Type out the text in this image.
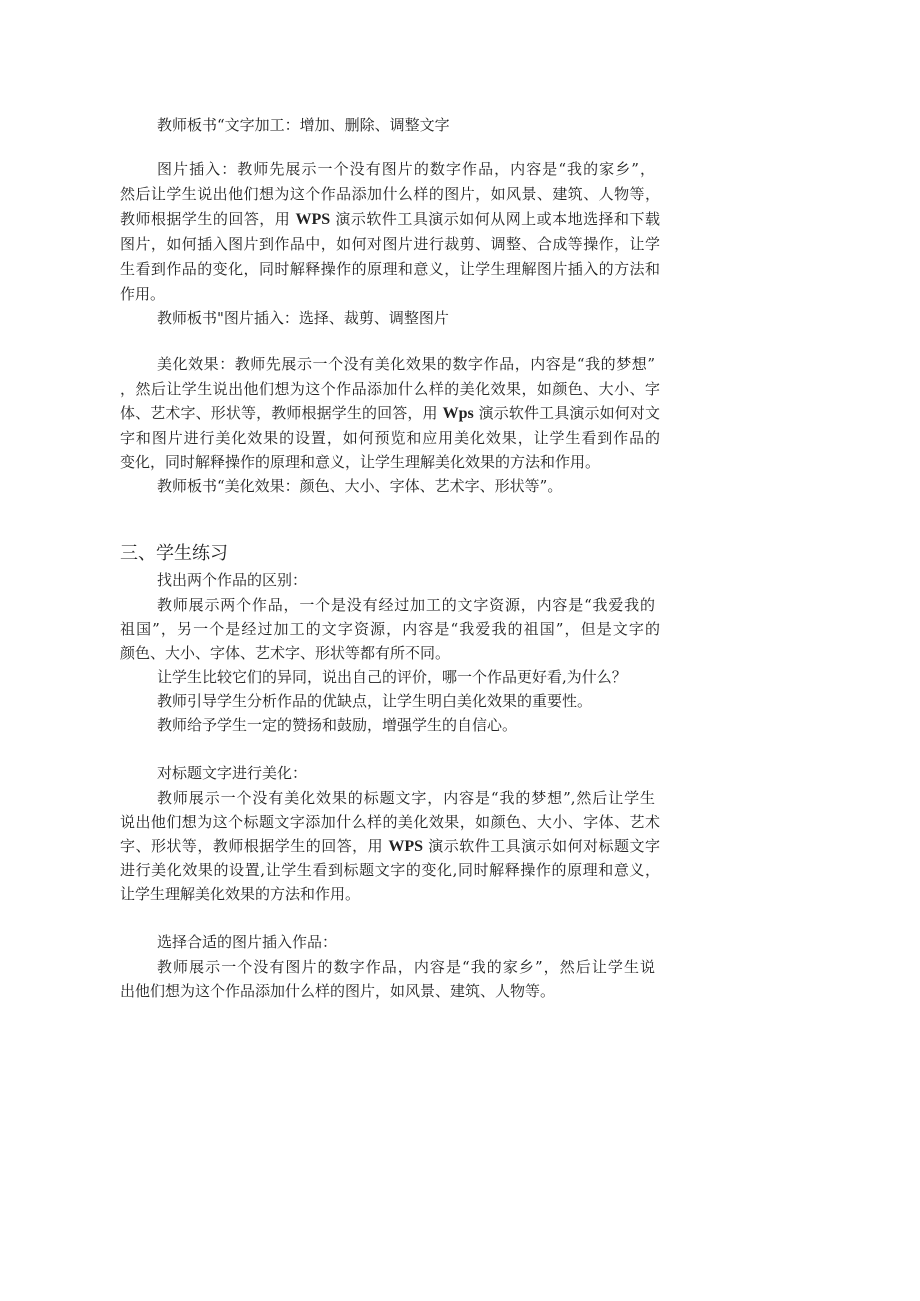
教师板书“文字加工：增加、删除、调整文字
图片插入：教师先展示一个没有图片的数字作品，内容是“我的家乡”，
然后让学生说出他们想为这个作品添加什么样的图片，如风景、建筑、人物等，
教师根据学生的回答，用 WPS 演示软件工具演示如何从网上或本地选择和下载
图片，如何插入图片到作品中，如何对图片进行裁剪、调整、合成等操作，让学
生看到作品的变化，同时解释操作的原理和意义，让学生理解图片插入的方法和
作用。
教师板书"图片插入：选择、裁剪、调整图片
美化效果：教师先展示一个没有美化效果的数字作品，内容是“我的梦想”
，然后让学生说出他们想为这个作品添加什么样的美化效果，如颜色、大小、字
体、艺术字、形状等，教师根据学生的回答，用 Wps 演示软件工具演示如何对文
字和图片进行美化效果的设置，如何预览和应用美化效果，让学生看到作品的
变化，同时解释操作的原理和意义，让学生理解美化效果的方法和作用。
教师板书“美化效果：颜色、大小、字体、艺术字、形状等”。
三、学生练习
找出两个作品的区别：
教师展示两个作品，一个是没有经过加工的文字资源，内容是“我爱我的
祖国”，另一个是经过加工的文字资源，内容是“我爱我的祖国”，但是文字的
颜色、大小、字体、艺术字、形状等都有所不同。
让学生比较它们的异同，说出自己的评价，哪一个作品更好看,为什么？
教师引导学生分析作品的优缺点，让学生明白美化效果的重要性。
教师给予学生一定的赞扬和鼓励，增强学生的自信心。
对标题文字进行美化：
教师展示一个没有美化效果的标题文字，内容是“我的梦想”,然后让学生
说出他们想为这个标题文字添加什么样的美化效果，如颜色、大小、字体、艺术
字、形状等，教师根据学生的回答，用 WPS 演示软件工具演示如何对标题文字
进行美化效果的设置,让学生看到标题文字的变化,同时解释操作的原理和意义，
让学生理解美化效果的方法和作用。
选择合适的图片插入作品：
教师展示一个没有图片的数字作品，内容是“我的家乡”，然后让学生说
出他们想为这个作品添加什么样的图片，如风景、建筑、人物等。
